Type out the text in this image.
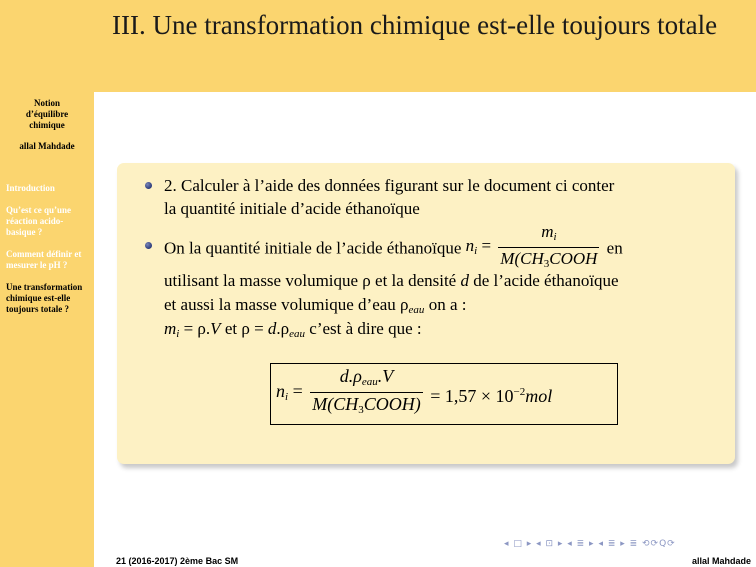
Notion d’équilibre chimique
allal Mahdade
Introduction
Qu’est ce qu’une réaction acido-basique ?
Comment définir et mesurer le pH ?
Une transformation chimique est-elle toujours totale ?
III. Une transformation chimique est-elle toujours totale
2. Calculer à l’aide des données figurant sur le document ci conter
la quantité initiale d’acide éthanoïque
On la quantité initiale de l’acide éthanoïque $n_i = \frac{m_i}{M(CH_3COOH}$ en
utilisant la masse volumique ρ et la densité d de l’acide éthanoïque
et aussi la masse volumique d’eau $\rho_{eau}$ on a :
$m_i = \rho.V$ et $\rho = d.\rho_{eau}$ c’est à dire que :
$n_i = \frac{d.\rho_{eau}.V}{M(CH_3COOH)} = 1,57 \times 10^{-2}mol$
◂ □ ▸ ◂ ⊡ ▸ ◂ ≣ ▸ ◂ ≣ ▸ ≣ ⟲⟳Q⟳
21 (2016-2017) 2ème Bac SM	allal Mahdade
